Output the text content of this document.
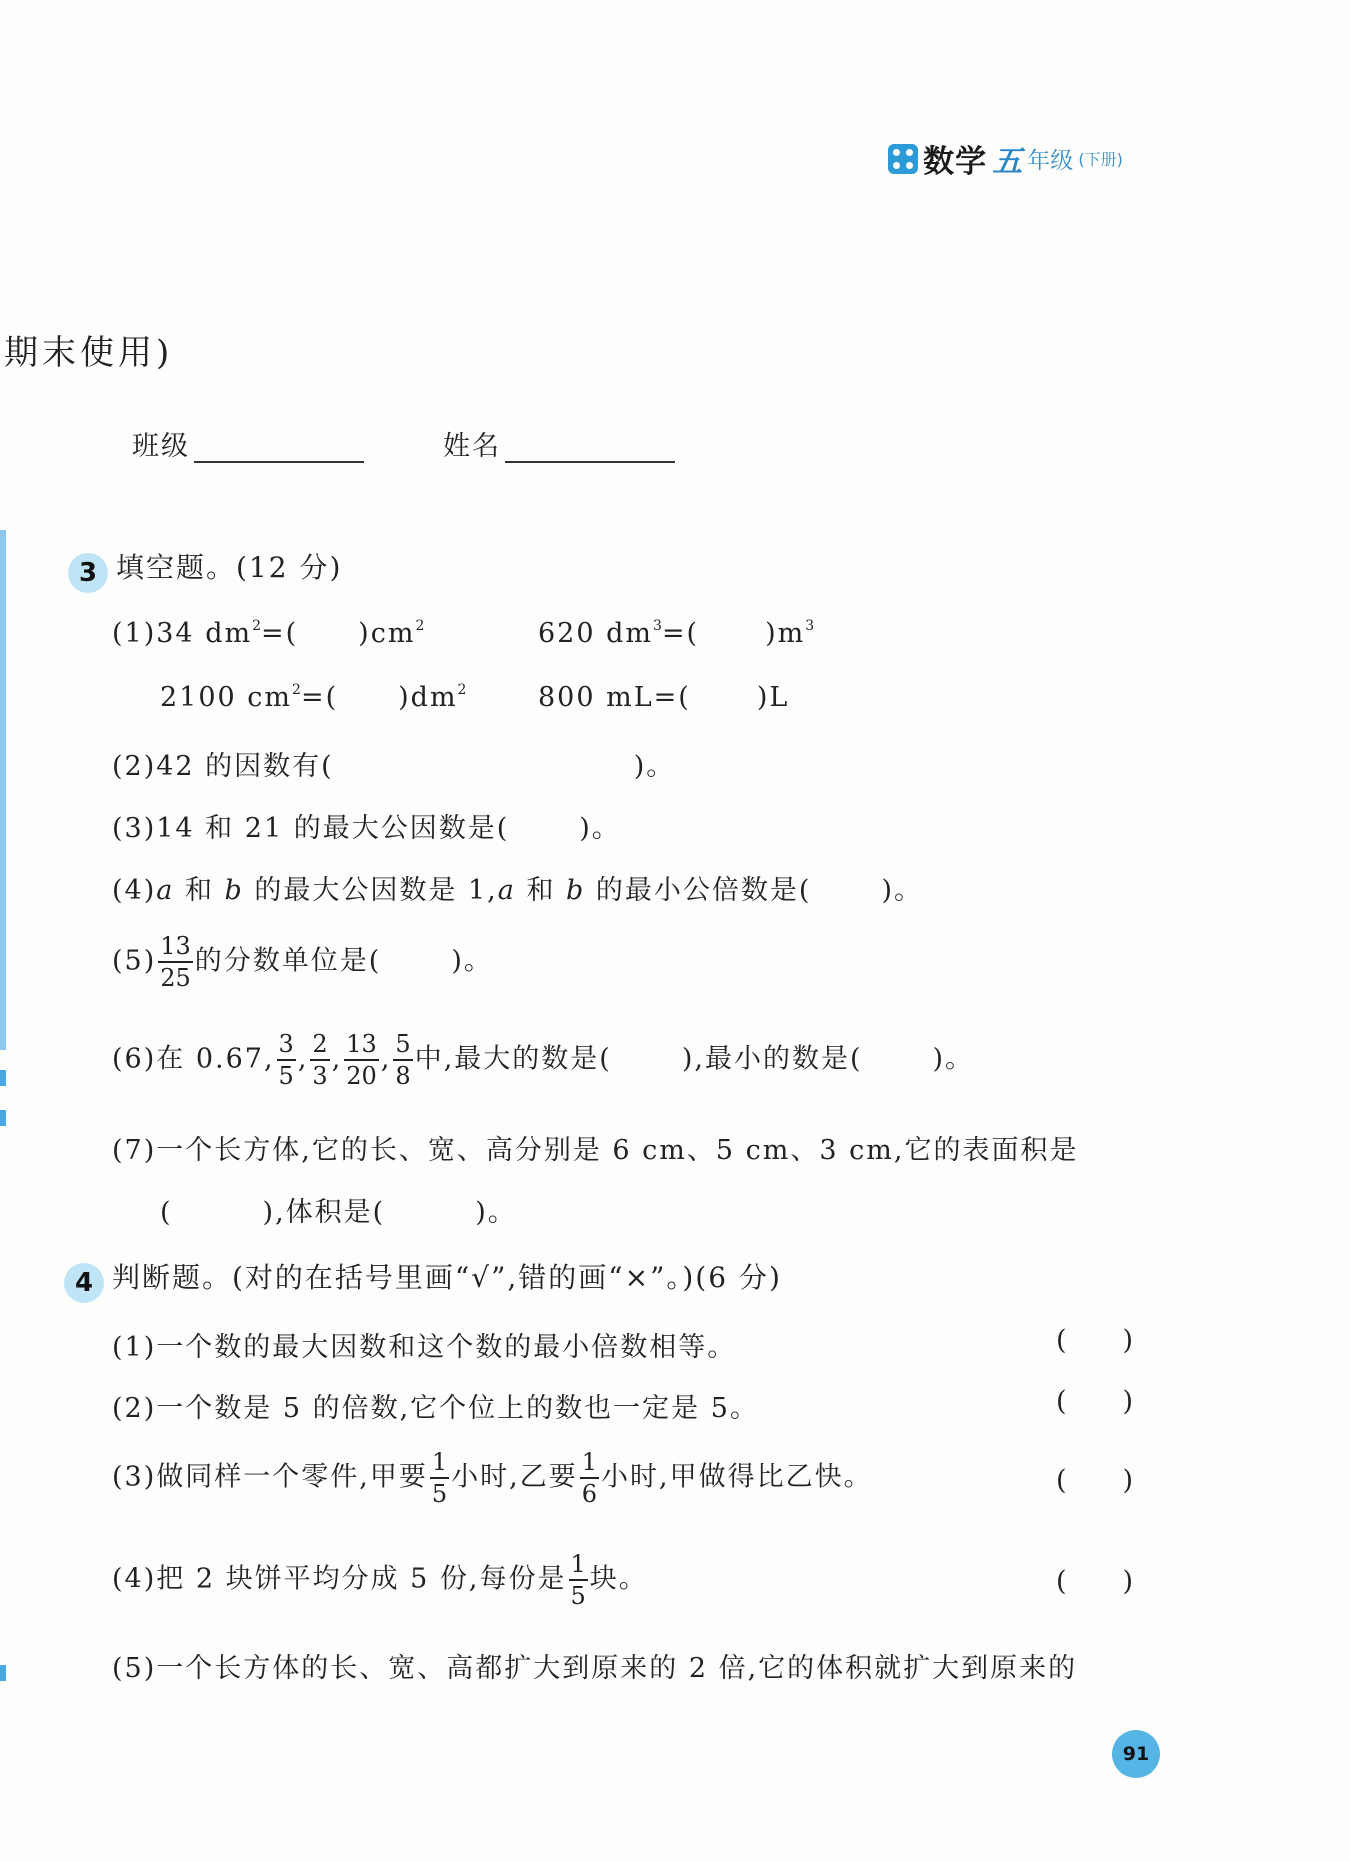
数学 五 年级 (下册)
期末使用)
班级	姓名
3 填空题。(12 分)
(1)34 $dm^2=$( )$cm^2$	620 $dm^3=$( )$m^3$
2100 $cm^2=$( )$dm^2$	800 mL=( )L
(2)42 的因数有(	)。
(3)14 和 21 的最大公因数是(	)。
(4)a 和 b 的最大公因数是 1,a 和 b 的最小公倍数是(	)。
$(5) \frac{13}{25}$ 的分数单位是(	)。
(6)在 0.67, $\frac{3}{5}$ , $\frac{2}{3}$ , $\frac{13}{20}$ , $\frac{5}{8}$ 中,最大的数是(	),最小的数是(	)。
(7)一个长方体,它的长、宽、高分别是 6 cm、5 cm、3 cm,它的表面积是
(	),体积是(	)。
4 判断题。(对的在括号里画“√”,错的画“×”。)(6 分)
(1)一个数的最大因数和这个数的最小倍数相等。	( )
(2)一个数是 5 的倍数,它个位上的数也一定是 5。	( )
(3)做同样一个零件,甲要 $\frac{1}{5}$ 小时,乙要 $\frac{1}{6}$ 小时,甲做得比乙快。	( )
(4)把 2 块饼平均分成 5 份,每份是 $\frac{1}{5}$ 块。	( )
(5)一个长方体的长、宽、高都扩大到原来的 2 倍,它的体积就扩大到原来的
91
